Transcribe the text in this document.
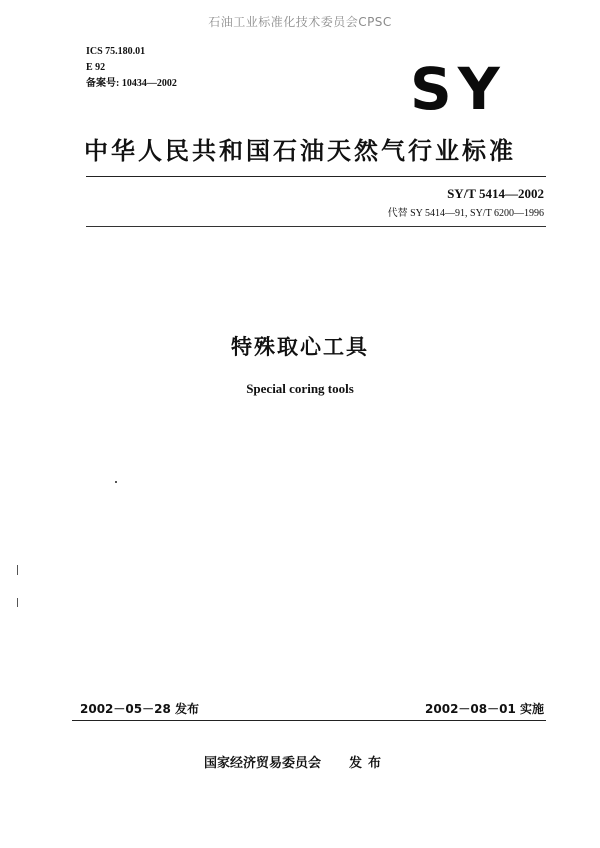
石油工业标准化技术委员会CPSC
ICS 75.180.01
E 92
备案号: 10434—2002	SY
中华人民共和国石油天然气行业标准
SY/T 5414—2002
代替 SY 5414—91, SY/T 6200—1996
特殊取心工具
Special coring tools
2002－05－28 发布	2002－08－01 实施
国家经济贸易委员会 发布
